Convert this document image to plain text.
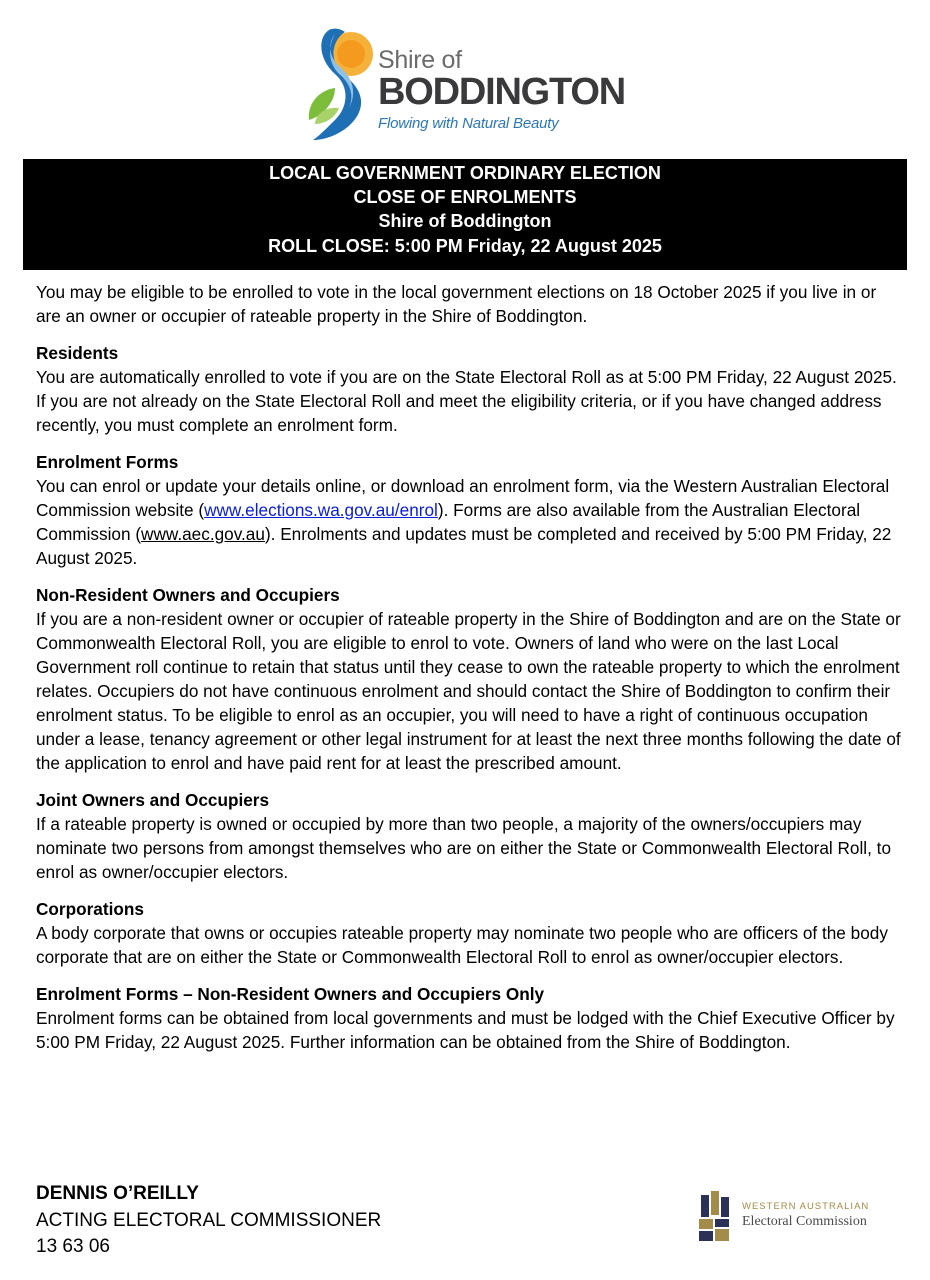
Shire of
BODDINGTON
Flowing with Natural Beauty
LOCAL GOVERNMENT ORDINARY ELECTION
CLOSE OF ENROLMENTS
Shire of Boddington
ROLL CLOSE: 5:00 PM Friday, 22 August 2025

You may be eligible to be enrolled to vote in the local government elections on 18 October 2025 if you live in or are an owner or occupier of rateable property in the Shire of Boddington.

Residents

You are automatically enrolled to vote if you are on the State Electoral Roll as at 5:00 PM Friday, 22 August 2025. If you are not already on the State Electoral Roll and meet the eligibility criteria, or if you have changed address recently, you must complete an enrolment form.

Enrolment Forms

You can enrol or update your details online, or download an enrolment form, via the Western Australian Electoral Commission website (www.elections.wa.gov.au/enrol). Forms are also available from the Australian Electoral Commission (www.aec.gov.au). Enrolments and updates must be completed and received by 5:00 PM Friday, 22 August 2025.

Non-Resident Owners and Occupiers

If you are a non-resident owner or occupier of rateable property in the Shire of Boddington and are on the State or Commonwealth Electoral Roll, you are eligible to enrol to vote. Owners of land who were on the last Local Government roll continue to retain that status until they cease to own the rateable property to which the enrolment relates. Occupiers do not have continuous enrolment and should contact the Shire of Boddington to confirm their enrolment status. To be eligible to enrol as an occupier, you will need to have a right of continuous occupation under a lease, tenancy agreement or other legal instrument for at least the next three months following the date of the application to enrol and have paid rent for at least the prescribed amount.

Joint Owners and Occupiers

If a rateable property is owned or occupied by more than two people, a majority of the owners/occupiers may nominate two persons from amongst themselves who are on either the State or Commonwealth Electoral Roll, to enrol as owner/occupier electors.

Corporations

A body corporate that owns or occupies rateable property may nominate two people who are officers of the body corporate that are on either the State or Commonwealth Electoral Roll to enrol as owner/occupier electors.

Enrolment Forms – Non-Resident Owners and Occupiers Only

Enrolment forms can be obtained from local governments and must be lodged with the Chief Executive Officer by 5:00 PM Friday, 22 August 2025. Further information can be obtained from the Shire of Boddington.

DENNIS O’REILLY
ACTING ELECTORAL COMMISSIONER
13 63 06
WESTERN AUSTRALIAN
Electoral Commission
